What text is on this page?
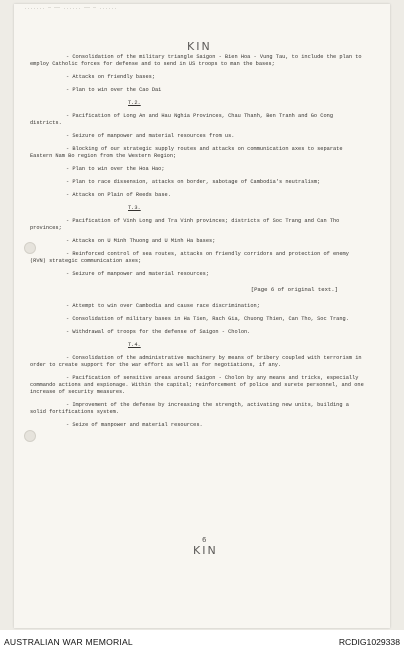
....... — —— ...... —— — ......
KIN
- Consolidation of the military triangle Saigon - Bien Hoa - Vung Tau, to include the plan to employ Catholic forces for defense and to send in US troops to man the bases;
- Attacks on friendly bases;
- Plan to win over the Cao Dai
T.2.
- Pacification of Long An and Hau Nghia Provinces, Chau Thanh, Ben Tranh and Go Cong districts.
- Seizure of manpower and material resources from us.
- Blocking of our strategic supply routes and attacks on communication axes to separate Eastern Nam Bo region from the Western Region;
- Plan to win over the Hoa Hao;
- Plan to race dissension, attacks on border, sabotage of Cambodia's neutralism;
- Attacks on Plain of Reeds base.
T.3.
- Pacification of Vinh Long and Tra Vinh provinces; districts of Soc Trang and Can Tho provinces;
- Attacks on U Minh Thuong and U Minh Ha bases;
- Reinforced control of sea routes, attacks on friendly corridors and protection of enemy (RVN) strategic communication axes;
- Seizure of manpower and material resources;
[Page 6 of original text.]
- Attempt to win over Cambodia and cause race discrimination;
- Consolidation of military bases in Ha Tien, Rach Gia, Chuong Thien, Can Tho, Soc Trang.
- Withdrawal of troops for the defense of Saigon - Cholon.
T.4.
- Consolidation of the administrative machinery by means of bribery coupled with terrorism in order to create support for the war effort as well as for negotiations, if any.
- Pacification of sensitive areas around Saigon - Cholon by any means and tricks, especially commando actions and espionage. Within the capital; reinforcement of police and surete personnel, and one increase of security measures.
- Improvement of the defense by increasing the strength, activating new units, building a solid fortifications system.
- Seize of manpower and material resources.
6
KIN
AUSTRALIAN WAR MEMORIAL	RCDIG1029338
